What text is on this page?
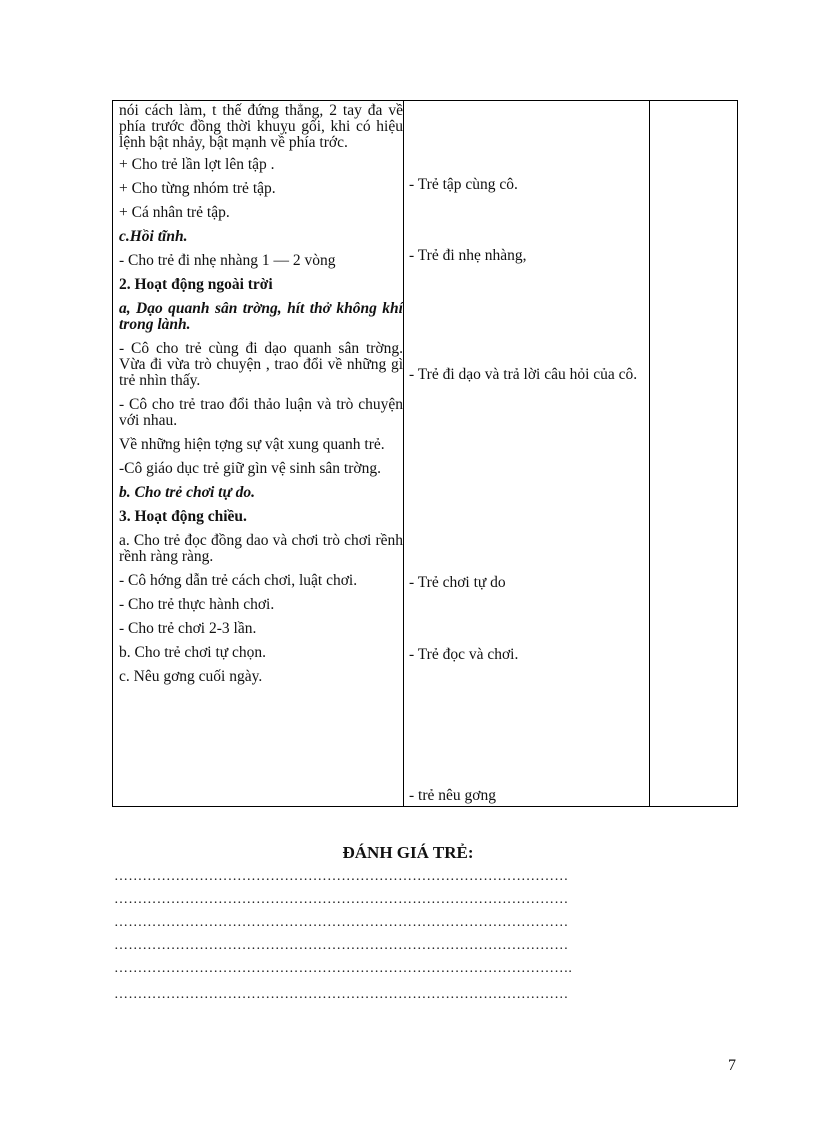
nói cách làm, t thế đứng thẳng, 2 tay đa về phía trước đồng thời khuỵu gối, khi có hiệu lệnh bật nhảy, bật mạnh về phía trớc.

+ Cho trẻ lần lợt lên tập .

+ Cho từng nhóm trẻ tập.

+ Cá nhân trẻ tập.

c.Hồi tĩnh.

- Cho trẻ đi nhẹ nhàng 1 — 2 vòng

2. Hoạt động ngoài trời

a, Dạo quanh sân trờng, hít thở không khí trong lành.

- Cô cho trẻ cùng đi dạo quanh sân trờng. Vừa đi vừa trò chuyện , trao đổi về những gì trẻ nhìn thấy.

- Cô cho trẻ trao đổi thảo luận và trò chuyện với nhau.

Về những hiện tợng sự vật xung quanh trẻ.

-Cô giáo dục trẻ giữ gìn vệ sinh sân trờng.

b. Cho trẻ chơi tự do.

3. Hoạt động chiều.

a. Cho trẻ đọc đồng dao và chơi trò chơi rềnh rềnh ràng ràng.

- Cô hớng dẫn trẻ cách chơi, luật chơi.

- Cho trẻ thực hành chơi.

- Cho trẻ chơi 2-3 lần.

b. Cho trẻ chơi tự chọn.

c. Nêu gơng cuối ngày.

- Trẻ tập cùng cô.
- Trẻ đi nhẹ nhàng,
- Trẻ đi dạo và trả lời câu hỏi của cô.
- Trẻ chơi tự do
- Trẻ đọc và chơi.
- trẻ nêu gơng
ĐÁNH GIÁ TRẺ:
……………………………………………………………………………………
……………………………………………………………………………………
……………………………………………………………………………………
……………………………………………………………………………………
…………………………………………………………………………………….
……………………………………………………………………………………
7
